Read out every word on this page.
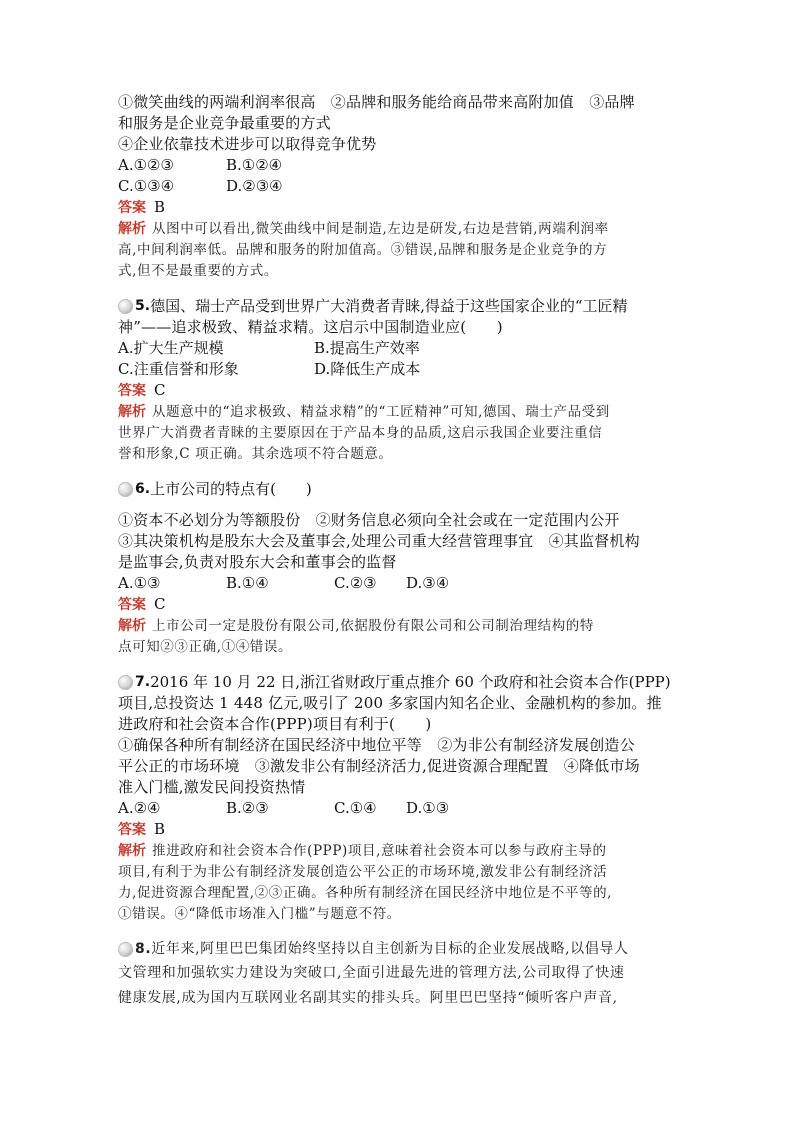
①微笑曲线的两端利润率很高　②品牌和服务能给商品带来高附加值　③品牌
和服务是企业竞争最重要的方式
④企业依靠技术进步可以取得竞争优势
A.①②③	B.①②④
C.①③④	D.②③④
答案 B
解析 从图中可以看出,微笑曲线中间是制造,左边是研发,右边是营销,两端利润率
高,中间利润率低。品牌和服务的附加值高。③错误,品牌和服务是企业竞争的方
式,但不是最重要的方式。
5. 德国、瑞士产品受到世界广大消费者青睐,得益于这些国家企业的“工匠精
神”——追求极致、精益求精。这启示中国制造业应(　　)
A.扩大生产规模	B.提高生产效率
C.注重信誉和形象	D.降低生产成本
答案 C
解析 从题意中的“追求极致、精益求精”的“工匠精神”可知,德国、瑞士产品受到
世界广大消费者青睐的主要原因在于产品本身的品质,这启示我国企业要注重信
誉和形象,C 项正确。其余选项不符合题意。
6. 上市公司的特点有(　　)
①资本不必划分为等额股份　②财务信息必须向全社会或在一定范围内公开
③其决策机构是股东大会及董事会,处理公司重大经营管理事宜　④其监督机构
是监事会,负责对股东大会和董事会的监督
A.①③	B.①④	C.②③	D.③④
答案 C
解析 上市公司一定是股份有限公司,依据股份有限公司和公司制治理结构的特
点可知②③正确,①④错误。
7. 2016 年 10 月 22 日,浙江省财政厅重点推介 60 个政府和社会资本合作(PPP)
项目,总投资达 1 448 亿元,吸引了 200 多家国内知名企业、金融机构的参加。推
进政府和社会资本合作(PPP)项目有利于(　　)
①确保各种所有制经济在国民经济中地位平等　②为非公有制经济发展创造公
平公正的市场环境　③激发非公有制经济活力,促进资源合理配置　④降低市场
准入门槛,激发民间投资热情
A.②④	B.②③	C.①④	D.①③
答案 B
解析 推进政府和社会资本合作(PPP)项目,意味着社会资本可以参与政府主导的
项目,有利于为非公有制经济发展创造公平公正的市场环境,激发非公有制经济活
力,促进资源合理配置,②③正确。各种所有制经济在国民经济中地位是不平等的,
①错误。④“降低市场准入门槛”与题意不符。
8. 近年来,阿里巴巴集团始终坚持以自主创新为目标的企业发展战略,以倡导人
文管理和加强软实力建设为突破口,全面引进最先进的管理方法,公司取得了快速
健康发展,成为国内互联网业名副其实的排头兵。阿里巴巴坚持“倾听客户声音,
